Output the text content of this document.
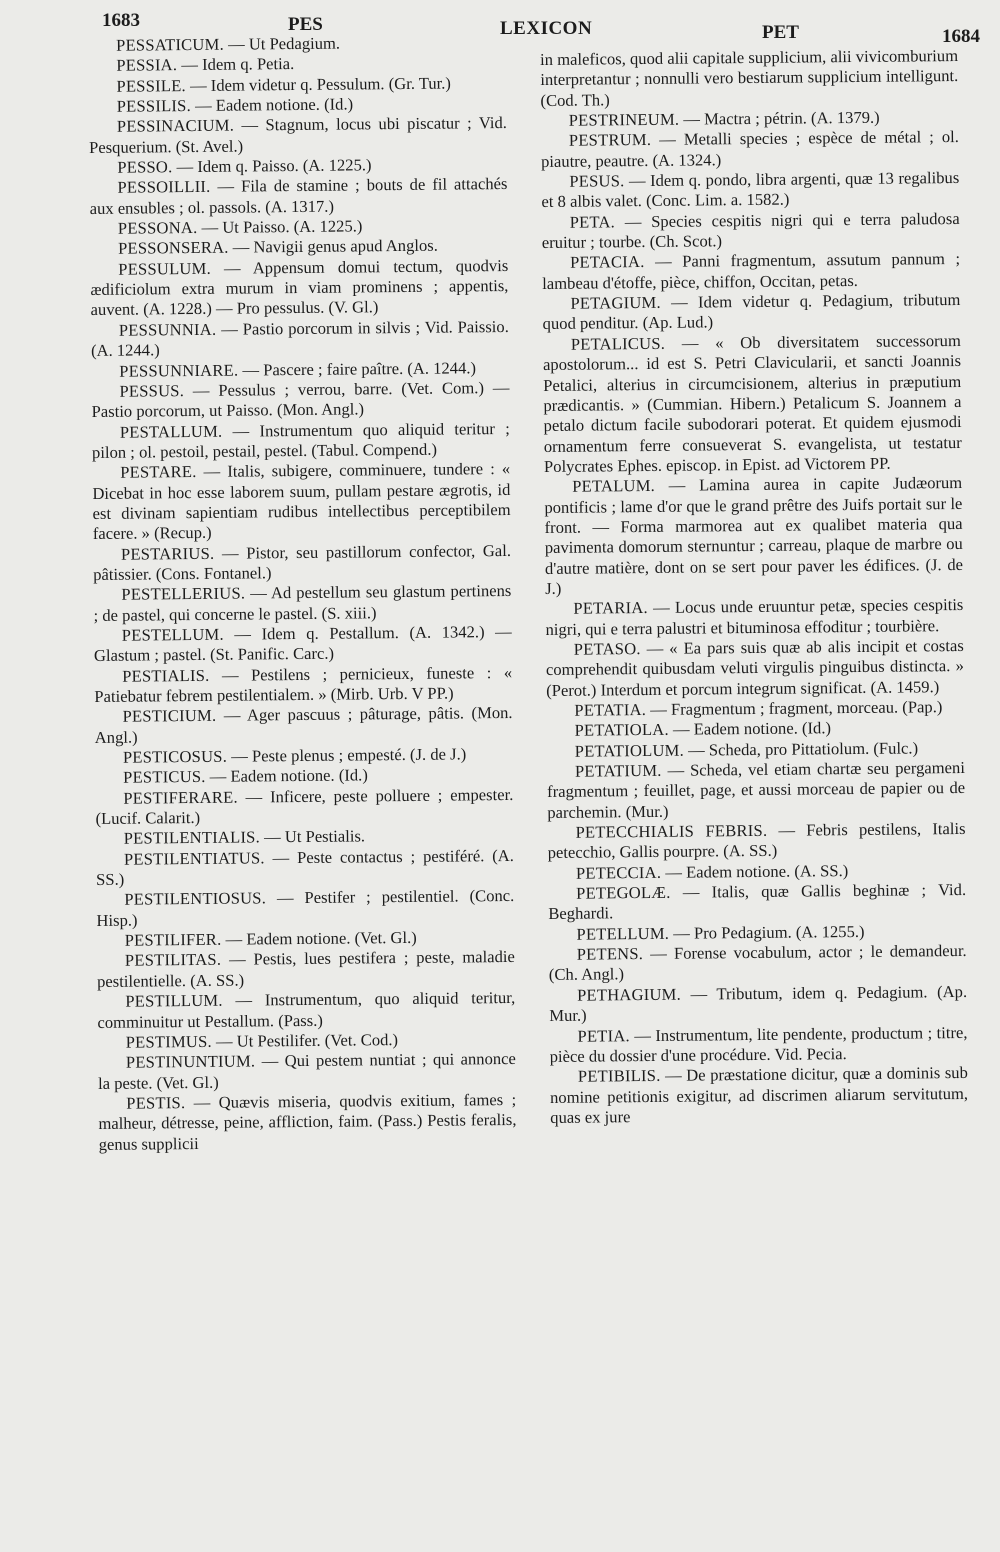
1683	PES	LEXICON	PET	1684

PESSATICUM. — Ut Pedagium.

PESSIA. — Idem q. Petia.

PESSILE. — Idem videtur q. Pessulum. (Gr. Tur.)

PESSILIS. — Eadem notione. (Id.)

PESSINACIUM. — Stagnum, locus ubi piscatur ; Vid. Pesquerium. (St. Avel.)

PESSO. — Idem q. Paisso. (A. 1225.)

PESSOILLII. — Fila de stamine ; bouts de fil attachés aux ensubles ; ol. passols. (A. 1317.)

PESSONA. — Ut Paisso. (A. 1225.)

PESSONSERA. — Navigii genus apud Anglos.

PESSULUM. — Appensum domui tectum, quodvis ædificiolum extra murum in viam prominens ; appentis, auvent. (A. 1228.) — Pro pessulus. (V. Gl.)

PESSUNNIA. — Pastio porcorum in silvis ; Vid. Paissio. (A. 1244.)

PESSUNNIARE. — Pascere ; faire paître. (A. 1244.)

PESSUS. — Pessulus ; verrou, barre. (Vet. Com.) — Pastio porcorum, ut Paisso. (Mon. Angl.)

PESTALLUM. — Instrumentum quo aliquid teritur ; pilon ; ol. pestoil, pestail, pestel. (Tabul. Compend.)

PESTARE. — Italis, subigere, comminuere, tundere : « Dicebat in hoc esse laborem suum, pullam pestare ægrotis, id est divinam sapientiam rudibus intellectibus perceptibilem facere. » (Recup.)

PESTARIUS. — Pistor, seu pastillorum confector, Gal. pâtissier. (Cons. Fontanel.)

PESTELLERIUS. — Ad pestellum seu glastum pertinens ; de pastel, qui concerne le pastel. (S. xiii.)

PESTELLUM. — Idem q. Pestallum. (A. 1342.) — Glastum ; pastel. (St. Panific. Carc.)

PESTIALIS. — Pestilens ; pernicieux, funeste : « Patiebatur febrem pestilentialem. » (Mirb. Urb. V PP.)

PESTICIUM. — Ager pascuus ; pâturage, pâtis. (Mon. Angl.)

PESTICOSUS. — Peste plenus ; empesté. (J. de J.)

PESTICUS. — Eadem notione. (Id.)

PESTIFERARE. — Inficere, peste polluere ; empester. (Lucif. Calarit.)

PESTILENTIALIS. — Ut Pestialis.

PESTILENTIATUS. — Peste contactus ; pestiféré. (A. SS.)

PESTILENTIOSUS. — Pestifer ; pestilentiel. (Conc. Hisp.)

PESTILIFER. — Eadem notione. (Vet. Gl.)

PESTILITAS. — Pestis, lues pestifera ; peste, maladie pestilentielle. (A. SS.)

PESTILLUM. — Instrumentum, quo aliquid teritur, comminuitur ut Pestallum. (Pass.)

PESTIMUS. — Ut Pestilifer. (Vet. Cod.)

PESTINUNTIUM. — Qui pestem nuntiat ; qui annonce la peste. (Vet. Gl.)

PESTIS. — Quævis miseria, quodvis exitium, fames ; malheur, détresse, peine, affliction, faim. (Pass.) Pestis feralis, genus supplicii

in maleficos, quod alii capitale supplicium, alii vivicomburium interpretantur ; nonnulli vero bestiarum supplicium intelligunt. (Cod. Th.)

PESTRINEUM. — Mactra ; pétrin. (A. 1379.)

PESTRUM. — Metalli species ; espèce de métal ; ol. piautre, peautre. (A. 1324.)

PESUS. — Idem q. pondo, libra argenti, quæ 13 regalibus et 8 albis valet. (Conc. Lim. a. 1582.)

PETA. — Species cespitis nigri qui e terra paludosa eruitur ; tourbe. (Ch. Scot.)

PETACIA. — Panni fragmentum, assutum pannum ; lambeau d'étoffe, pièce, chiffon, Occitan, petas.

PETAGIUM. — Idem videtur q. Pedagium, tributum quod penditur. (Ap. Lud.)

PETALICUS. — « Ob diversitatem successorum apostolorum... id est S. Petri Clavicularii, et sancti Joannis Petalici, alterius in circumcisionem, alterius in præputium prædicantis. » (Cummian. Hibern.) Petalicum S. Joannem a petalo dictum facile subodorari poterat. Et quidem ejusmodi ornamentum ferre consueverat S. evangelista, ut testatur Polycrates Ephes. episcop. in Epist. ad Victorem PP.

PETALUM. — Lamina aurea in capite Judæorum pontificis ; lame d'or que le grand prêtre des Juifs portait sur le front. — Forma marmorea aut ex qualibet materia qua pavimenta domorum sternuntur ; carreau, plaque de marbre ou d'autre matière, dont on se sert pour paver les édifices. (J. de J.)

PETARIA. — Locus unde eruuntur petæ, species cespitis nigri, qui e terra palustri et bituminosa effoditur ; tourbière.

PETASO. — « Ea pars suis quæ ab alis incipit et costas comprehendit quibusdam veluti virgulis pinguibus distincta. » (Perot.) Interdum et porcum integrum significat. (A. 1459.)

PETATIA. — Fragmentum ; fragment, morceau. (Pap.)

PETATIOLA. — Eadem notione. (Id.)

PETATIOLUM. — Scheda, pro Pittatiolum. (Fulc.)

PETATIUM. — Scheda, vel etiam chartæ seu pergameni fragmentum ; feuillet, page, et aussi morceau de papier ou de parchemin. (Mur.)

PETECCHIALIS FEBRIS. — Febris pestilens, Italis petecchio, Gallis pourpre. (A. SS.)

PETECCIA. — Eadem notione. (A. SS.)

PETEGOLÆ. — Italis, quæ Gallis beghinæ ; Vid. Beghardi.

PETELLUM. — Pro Pedagium. (A. 1255.)

PETENS. — Forense vocabulum, actor ; le demandeur. (Ch. Angl.)

PETHAGIUM. — Tributum, idem q. Pedagium. (Ap. Mur.)

PETIA. — Instrumentum, lite pendente, productum ; titre, pièce du dossier d'une procédure. Vid. Pecia.

PETIBILIS. — De præstatione dicitur, quæ a dominis sub nomine petitionis exigitur, ad discrimen aliarum servitutum, quas ex jure
